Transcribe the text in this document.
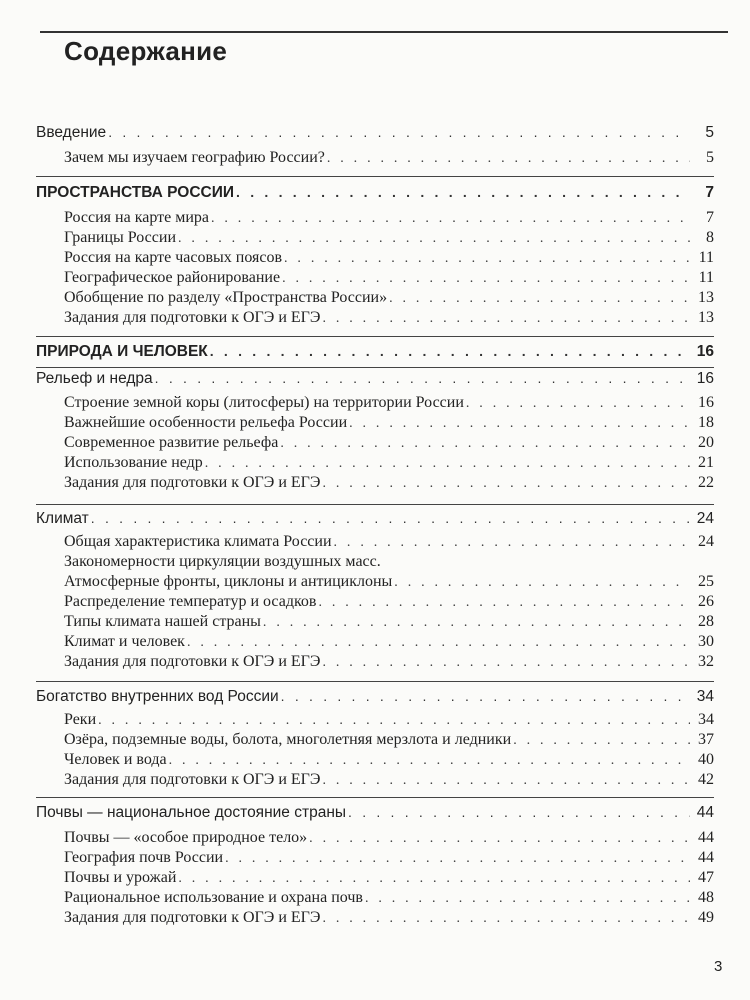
Содержание
Введение . . .	5
Зачем мы изучаем географию России? . . .	5
ПРОСТРАНСТВА РОССИИ . . .	7
Россия на карте мира . . .	7
Границы России . . .	8
Россия на карте часовых поясов . . .	11
Географическое районирование . . .	11
Обобщение по разделу «Пространства России» . . .	13
Задания для подготовки к ОГЭ и ЕГЭ . . .	13
ПРИРОДА И ЧЕЛОВЕК . . .	16
Рельеф и недра . . .	16
Строение земной коры (литосферы) на территории России . . .	16
Важнейшие особенности рельефа России . . .	18
Современное развитие рельефа . . .	20
Использование недр . . .	21
Задания для подготовки к ОГЭ и ЕГЭ . . .	22
Климат . . .	24
Общая характеристика климата России . . .	24
Закономерности циркуляции воздушных масс.
Атмосферные фронты, циклоны и антициклоны . . .	25
Распределение температур и осадков . . .	26
Типы климата нашей страны . . .	28
Климат и человек . . .	30
Задания для подготовки к ОГЭ и ЕГЭ . . .	32
Богатство внутренних вод России . . .	34
Реки . . .	34
Озёра, подземные воды, болота, многолетняя мерзлота и ледники . . .	37
Человек и вода . . .	40
Задания для подготовки к ОГЭ и ЕГЭ . . .	42
Почвы — национальное достояние страны . . .	44
Почвы — «особое природное тело» . . .	44
География почв России . . .	44
Почвы и урожай . . .	47
Рациональное использование и охрана почв . . .	48
Задания для подготовки к ОГЭ и ЕГЭ . . .	49
3
